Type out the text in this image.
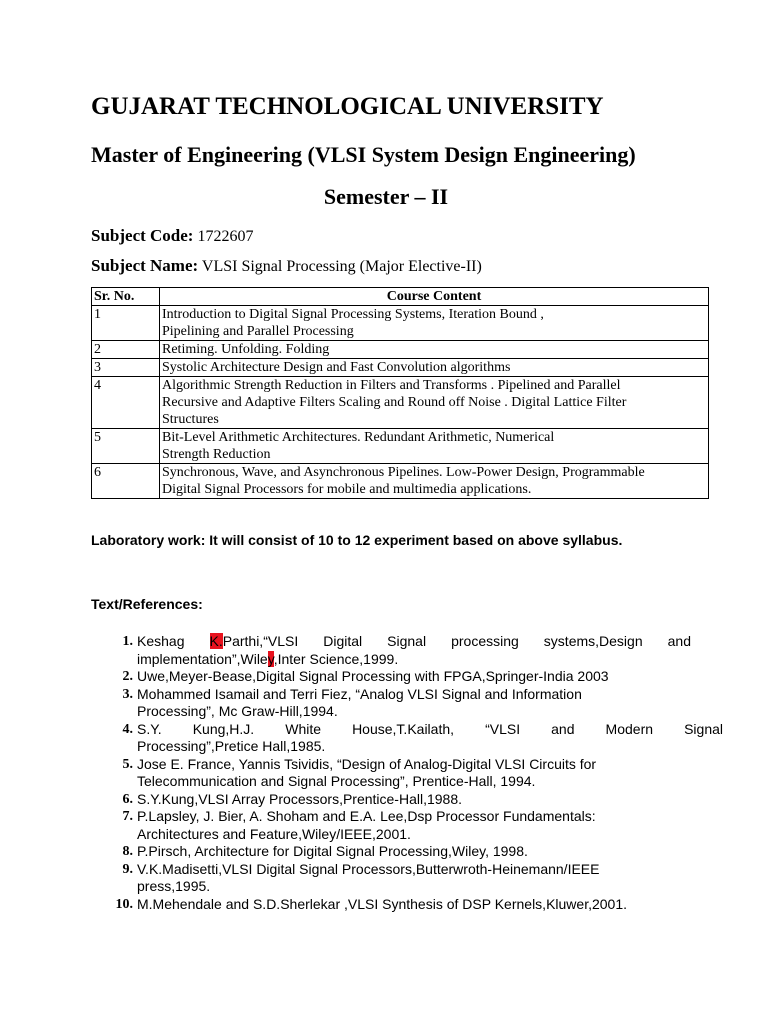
GUJARAT TECHNOLOGICAL UNIVERSITY
Master of Engineering (VLSI System Design Engineering)
Semester – II
Subject Code: 1722607
Subject Name: VLSI Signal Processing (Major Elective-II)
Sr. No.	Course Content
1	Introduction to Digital Signal Processing Systems, Iteration Bound ,
Pipelining and Parallel Processing

2	Retiming. Unfolding. Folding

3	Systolic Architecture Design and Fast Convolution algorithms

4	Algorithmic Strength Reduction in Filters and Transforms . Pipelined and Parallel
Recursive and Adaptive Filters Scaling and Round off Noise . Digital Lattice Filter
Structures

5	Bit-Level Arithmetic Architectures. Redundant Arithmetic, Numerical
Strength Reduction

6	Synchronous, Wave, and Asynchronous Pipelines. Low-Power Design, Programmable
Digital Signal Processors for mobile and multimedia applications.
Laboratory work: It will consist of 10 to 12 experiment based on above syllabus.
Text/References:
1. Keshag K.Parthi,“VLSI Digital Signal processing systems,Design and
implementation”,Wiley,Inter Science,1999.
2. Uwe,Meyer-Bease,Digital Signal Processing with FPGA,Springer-India 2003
3. Mohammed Isamail and Terri Fiez, “Analog VLSI Signal and Information
Processing”, Mc Graw-Hill,1994.
4. S.Y. Kung,H.J. White House,T.Kailath, “VLSI and Modern Signal
Processing”,Pretice Hall,1985.
5. Jose E. France, Yannis Tsividis, “Design of Analog-Digital VLSI Circuits for
Telecommunication and Signal Processing”, Prentice-Hall, 1994.
6. S.Y.Kung,VLSI Array Processors,Prentice-Hall,1988.
7. P.Lapsley, J. Bier, A. Shoham and E.A. Lee,Dsp Processor Fundamentals:
Architectures and Feature,Wiley/IEEE,2001.
8. P.Pirsch, Architecture for Digital Signal Processing,Wiley, 1998.
9. V.K.Madisetti,VLSI Digital Signal Processors,Butterwroth-Heinemann/IEEE
press,1995.
10. M.Mehendale and S.D.Sherlekar ,VLSI Synthesis of DSP Kernels,Kluwer,2001.
